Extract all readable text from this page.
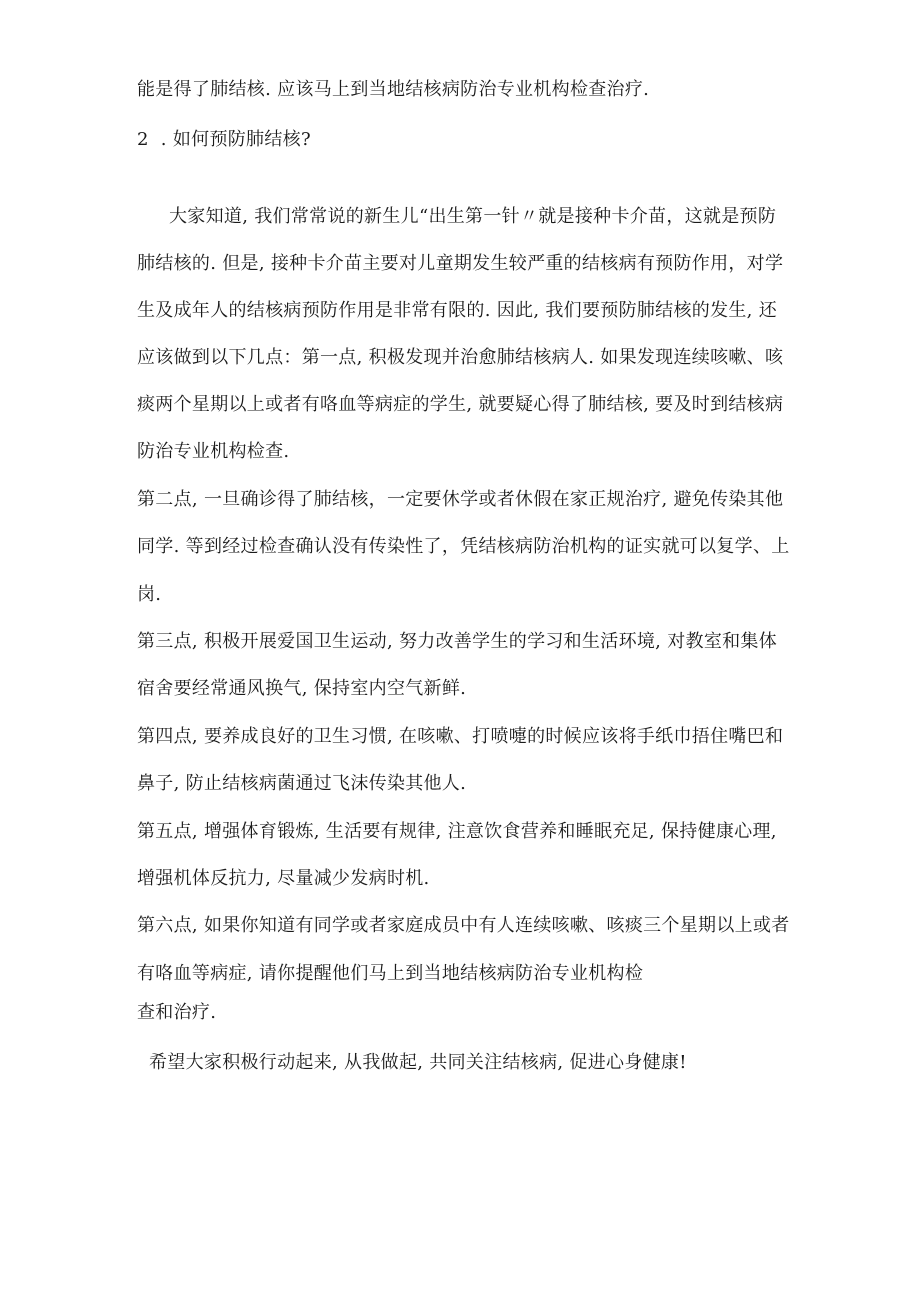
能是得了肺结核. 应该马上到当地结核病防治专业机构检查治疗.
2  . 如何预防肺结核?
大家知道, 我们常常说的新生儿“出生第一针〃就是接种卡介苗，这就是预防
肺结核的. 但是, 接种卡介苗主要对儿童期发生较严重的结核病有预防作用，对学
生及成年人的结核病预防作用是非常有限的. 因此, 我们要预防肺结核的发生, 还
应该做到以下几点：第一点, 积极发现并治愈肺结核病人. 如果发现连续咳嗽、咳
痰两个星期以上或者有咯血等病症的学生, 就要疑心得了肺结核, 要及时到结核病
防治专业机构检查.
第二点, 一旦确诊得了肺结核，一定要休学或者休假在家正规治疗, 避免传染其他
同学. 等到经过检查确认没有传染性了，凭结核病防治机构的证实就可以复学、上
岗.
第三点, 积极开展爱国卫生运动, 努力改善学生的学习和生活环境, 对教室和集体
宿舍要经常通风换气, 保持室内空气新鲜.
第四点, 要养成良好的卫生习惯, 在咳嗽、打喷嚏的时候应该将手纸巾捂住嘴巴和
鼻子, 防止结核病菌通过飞沫传染其他人.
第五点, 增强体育锻炼, 生活要有规律, 注意饮食营养和睡眠充足, 保持健康心理,
增强机体反抗力, 尽量减少发病时机.
第六点, 如果你知道有同学或者家庭成员中有人连续咳嗽、咳痰三个星期以上或者
有咯血等病症, 请你提醒他们马上到当地结核病防治专业机构检
查和治疗.
希望大家积极行动起来, 从我做起, 共同关注结核病, 促进心身健康!
